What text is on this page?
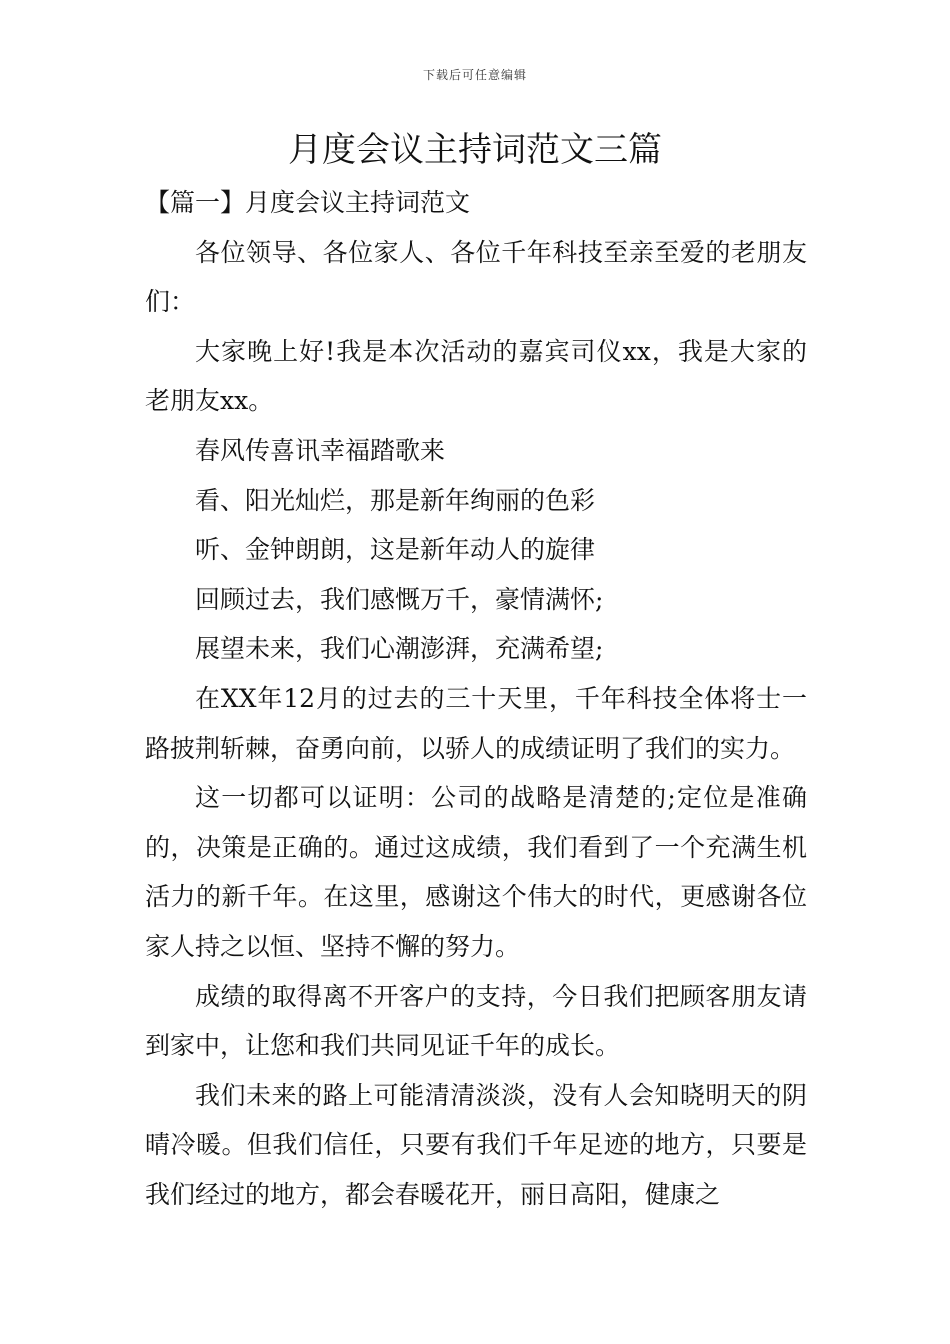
下载后可任意编辑
月度会议主持词范文三篇

【篇一】月度会议主持词范文

各位领导、各位家人、各位千年科技至亲至爱的老朋友们：

大家晚上好!我是本次活动的嘉宾司仪xx，我是大家的老朋友xx。

春风传喜讯幸福踏歌来

看、阳光灿烂，那是新年绚丽的色彩

听、金钟朗朗，这是新年动人的旋律

回顾过去，我们感慨万千，豪情满怀;

展望未来，我们心潮澎湃，充满希望;

在XX年12月的过去的三十天里，千年科技全体将士一路披荆斩棘，奋勇向前，以骄人的成绩证明了我们的实力。

这一切都可以证明：公司的战略是清楚的;定位是准确的，决策是正确的。通过这成绩，我们看到了一个充满生机活力的新千年。在这里，感谢这个伟大的时代，更感谢各位家人持之以恒、坚持不懈的努力。

成绩的取得离不开客户的支持，今日我们把顾客朋友请到家中，让您和我们共同见证千年的成长。

我们未来的路上可能清清淡淡，没有人会知晓明天的阴晴冷暖。但我们信任，只要有我们千年足迹的地方，只要是我们经过的地方，都会春暖花开，丽日高阳，健康之
